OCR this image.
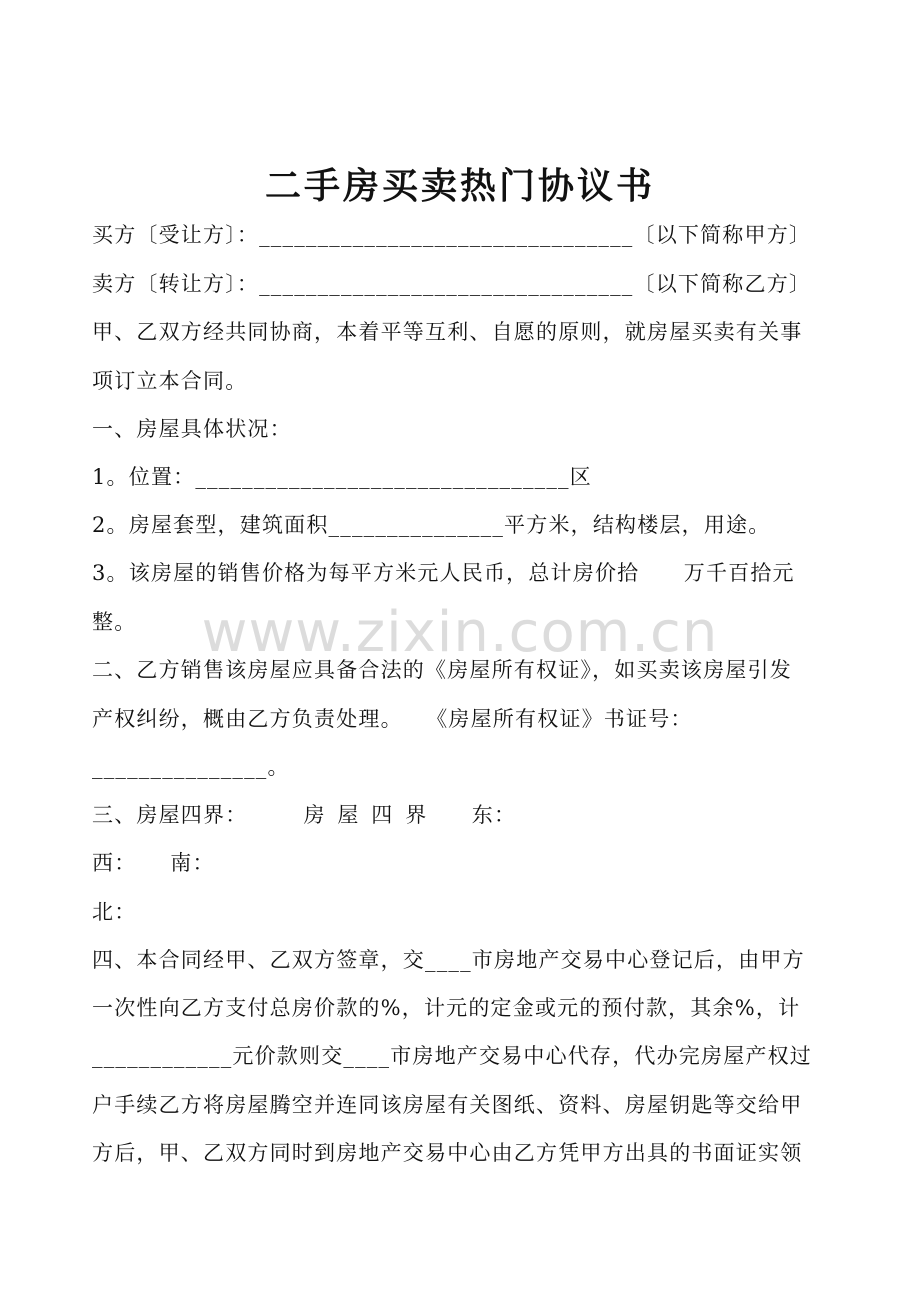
二手房买卖热门协议书
买方〔受让方〕：________________________________〔以下简称甲方〕
卖方〔转让方〕：________________________________〔以下简称乙方〕
甲、乙双方经共同协商，本着平等互利、自愿的原则，就房屋买卖有关事
项订立本合同。
一、房屋具体状况：
1。位置：________________________________区
2。房屋套型，建筑面积_______________平方米，结构楼层，用途。
3。该房屋的销售价格为每平方米元人民币，总计房价拾　　万千百拾元
整。
二、乙方销售该房屋应具备合法的《房屋所有权证》，如买卖该房屋引发
产权纠纷，概由乙方负责处理。　　《房屋所有权证》书证号：
_______________。
三、房屋四界：　　　房 屋 四 界　　东：
西：　　南：
北：
四、本合同经甲、乙双方签章，交____市房地产交易中心登记后，由甲方
一次性向乙方支付总房价款的%，计元的定金或元的预付款，其余%，计
____________元价款则交____市房地产交易中心代存，代办完房屋产权过
户手续乙方将房屋腾空并连同该房屋有关图纸、资料、房屋钥匙等交给甲
方后，甲、乙双方同时到房地产交易中心由乙方凭甲方出具的书面证实领
www.zixin.com.cn
